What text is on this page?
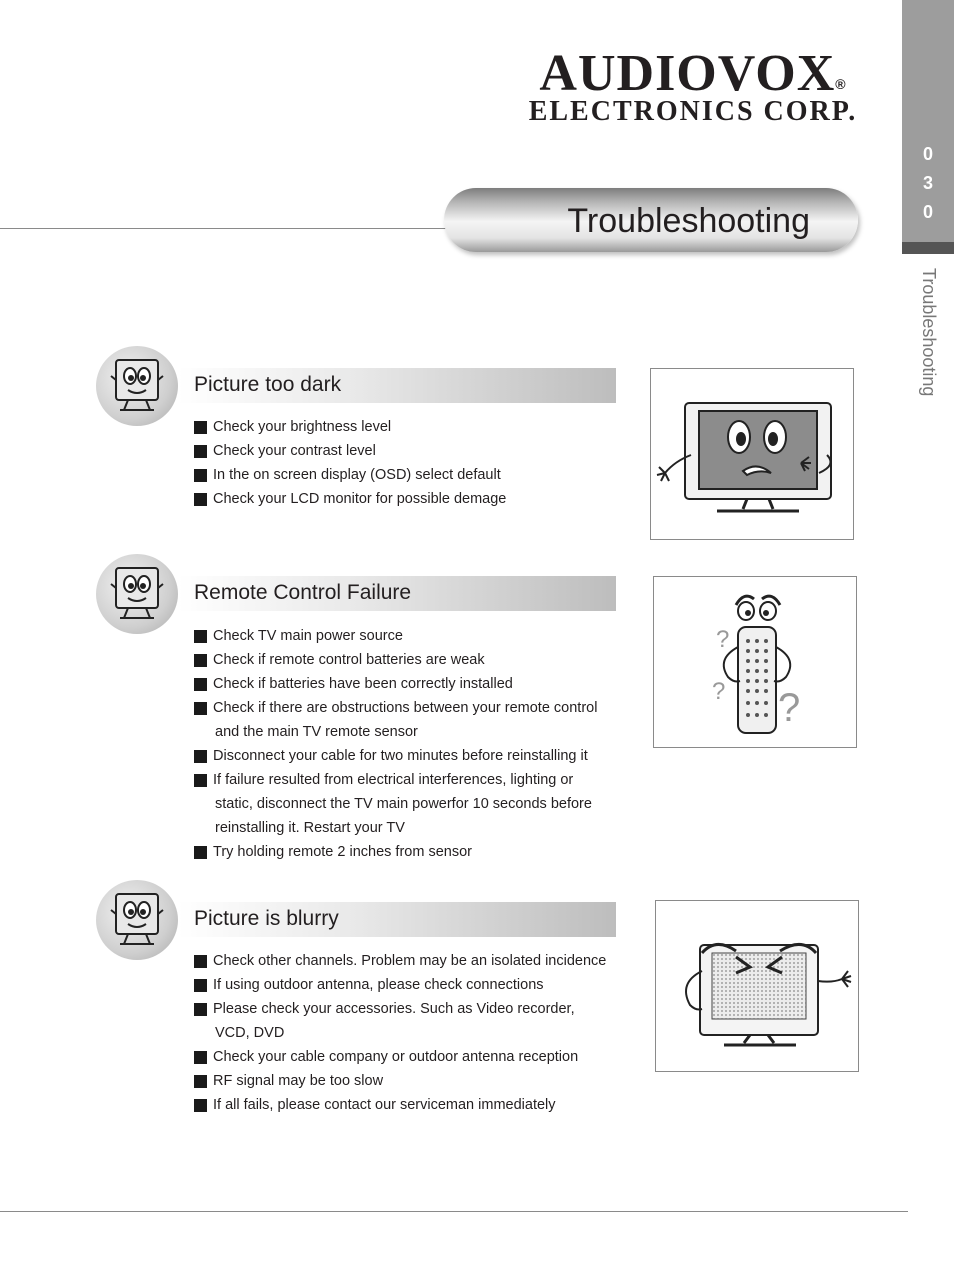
AUDIOVOX®
ELECTRONICS CORP.
Troubleshooting
0
3
0
Troubleshooting
Picture too dark
Check your brightness level
Check your contrast level
In the on screen display (OSD) select default
Check your LCD monitor for possible demage
Remote Control Failure
Check TV main power source
Check if remote control batteries are weak
Check if batteries have been correctly installed
Check if there are obstructions between your remote control
and the main TV remote sensor
Disconnect your cable for two minutes before reinstalling it
If failure resulted from electrical interferences, lighting or
static, disconnect the TV main powerfor 10 seconds before
reinstalling it. Restart your TV
Try holding remote 2 inches from sensor
?
? ?
Picture is blurry
Check other channels. Problem may be an isolated incidence
If using outdoor antenna, please check connections
Please check your accessories. Such as Video recorder,
VCD, DVD
Check your cable company or outdoor antenna reception
RF signal may be too slow
If all fails, please contact our serviceman immediately
